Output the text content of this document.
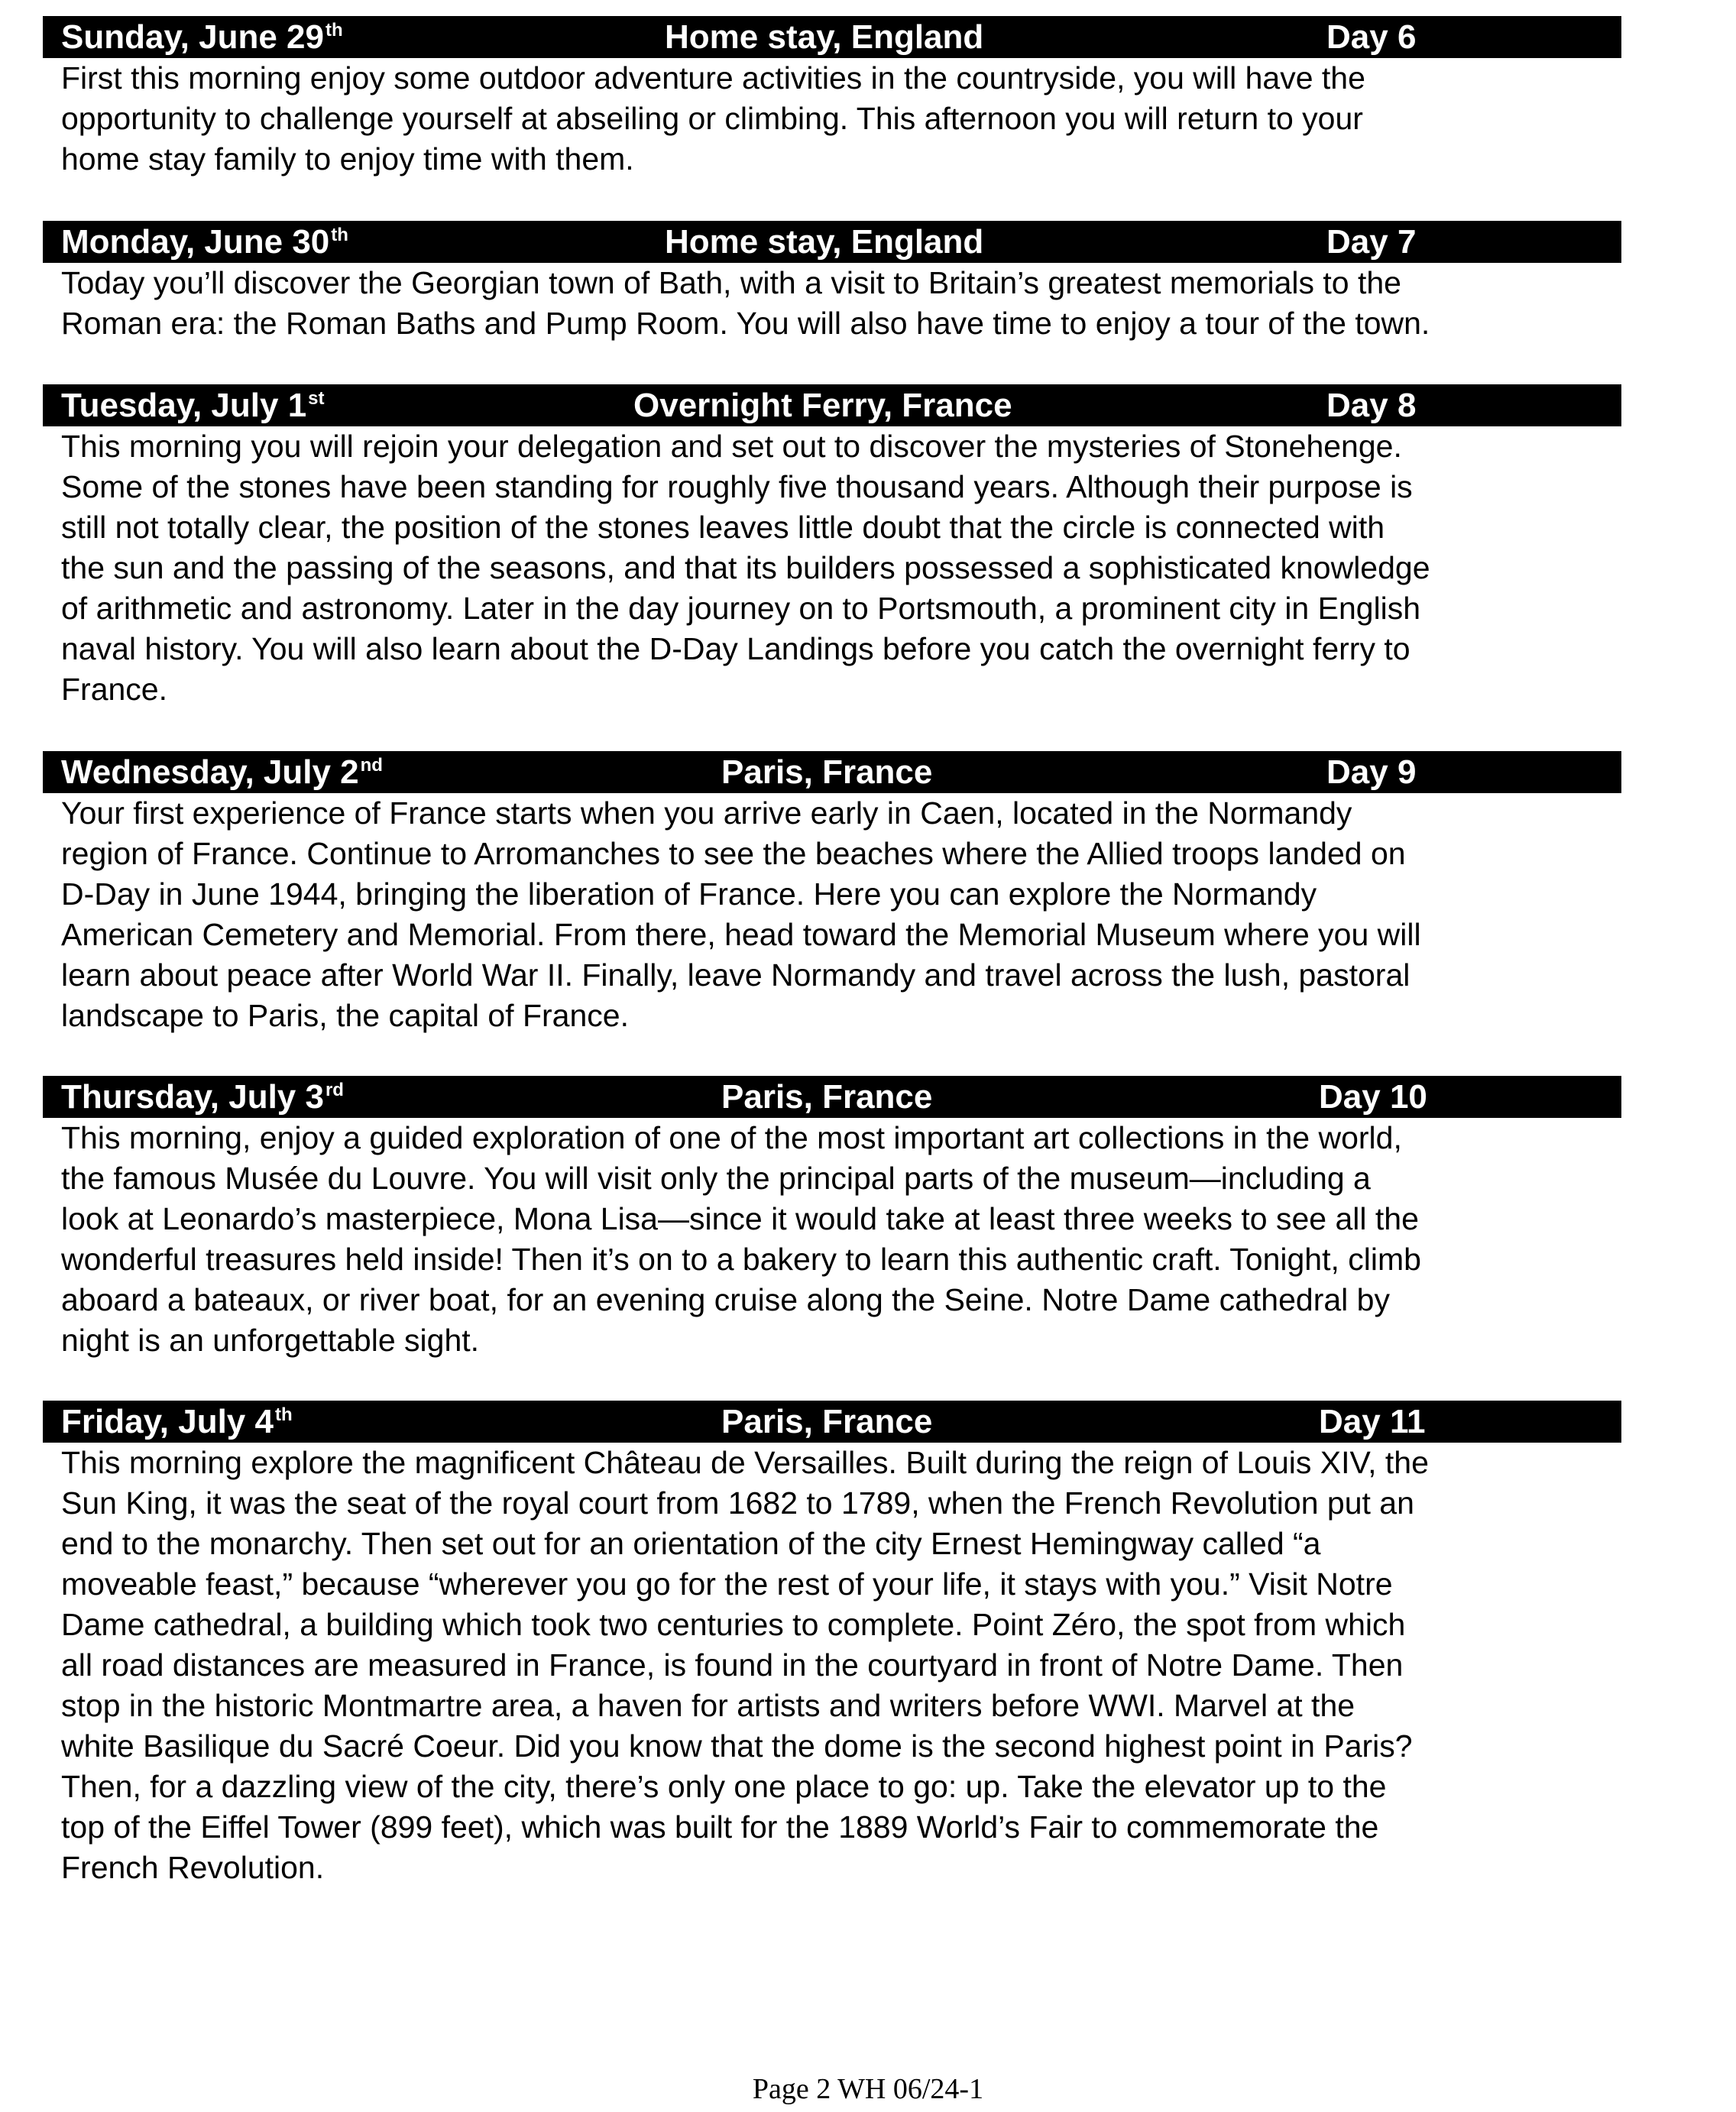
Sunday, June 29th	Home stay, England	Day 6

First this morning enjoy some outdoor adventure activities in the countryside, you will have the
opportunity to challenge yourself at abseiling or climbing. This afternoon you will return to your
home stay family to enjoy time with them.

Monday, June 30th	Home stay, England	Day 7

Today you’ll discover the Georgian town of Bath, with a visit to Britain’s greatest memorials to the
Roman era: the Roman Baths and Pump Room. You will also have time to enjoy a tour of the town.

Tuesday, July 1st	Overnight Ferry, France	Day 8

This morning you will rejoin your delegation and set out to discover the mysteries of Stonehenge.
Some of the stones have been standing for roughly five thousand years. Although their purpose is
still not totally clear, the position of the stones leaves little doubt that the circle is connected with
the sun and the passing of the seasons, and that its builders possessed a sophisticated knowledge
of arithmetic and astronomy. Later in the day journey on to Portsmouth, a prominent city in English
naval history. You will also learn about the D-Day Landings before you catch the overnight ferry to
France.

Wednesday, July 2nd	Paris, France	Day 9

Your first experience of France starts when you arrive early in Caen, located in the Normandy
region of France. Continue to Arromanches to see the beaches where the Allied troops landed on
D-Day in June 1944, bringing the liberation of France. Here you can explore the Normandy
American Cemetery and Memorial. From there, head toward the Memorial Museum where you will
learn about peace after World War II. Finally, leave Normandy and travel across the lush, pastoral
landscape to Paris, the capital of France.

Thursday, July 3rd	Paris, France	Day 10

This morning, enjoy a guided exploration of one of the most important art collections in the world,
the famous Musée du Louvre. You will visit only the principal parts of the museum—including a
look at Leonardo’s masterpiece, Mona Lisa—since it would take at least three weeks to see all the
wonderful treasures held inside! Then it’s on to a bakery to learn this authentic craft. Tonight, climb
aboard a bateaux, or river boat, for an evening cruise along the Seine. Notre Dame cathedral by
night is an unforgettable sight.

Friday, July 4th	Paris, France	Day 11

This morning explore the magnificent Château de Versailles. Built during the reign of Louis XIV, the
Sun King, it was the seat of the royal court from 1682 to 1789, when the French Revolution put an
end to the monarchy. Then set out for an orientation of the city Ernest Hemingway called “a
moveable feast,” because “wherever you go for the rest of your life, it stays with you.” Visit Notre
Dame cathedral, a building which took two centuries to complete. Point Zéro, the spot from which
all road distances are measured in France, is found in the courtyard in front of Notre Dame. Then
stop in the historic Montmartre area, a haven for artists and writers before WWI. Marvel at the
white Basilique du Sacré Coeur. Did you know that the dome is the second highest point in Paris?
Then, for a dazzling view of the city, there’s only one place to go: up. Take the elevator up to the
top of the Eiffel Tower (899 feet), which was built for the 1889 World’s Fair to commemorate the
French Revolution.

Page 2 WH 06/24-1
